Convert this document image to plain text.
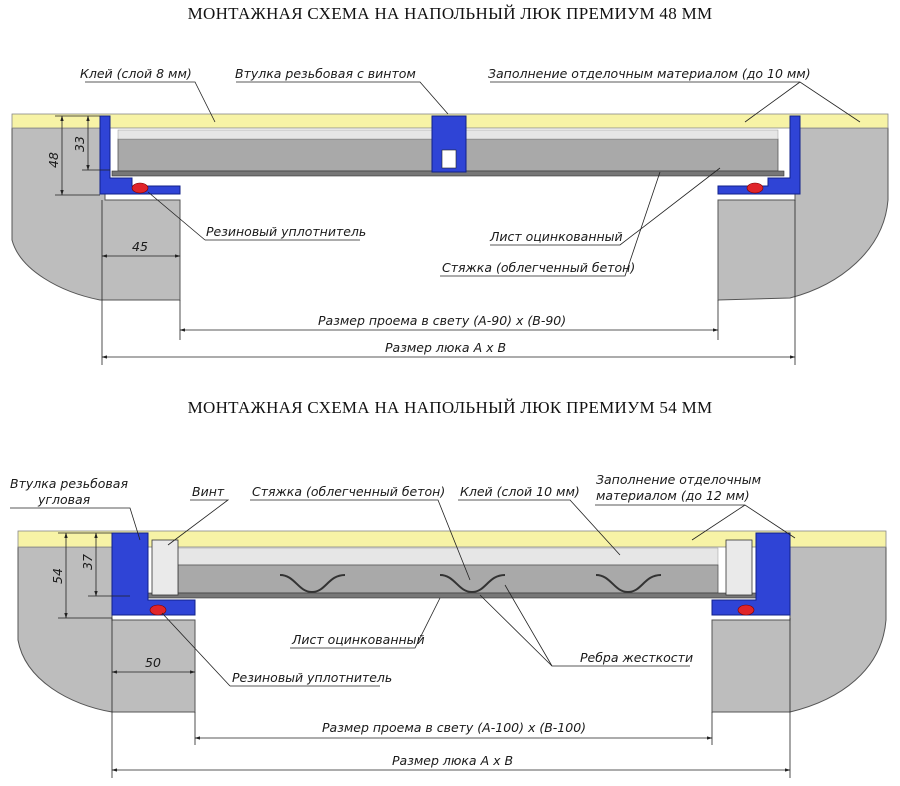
МОНТАЖНАЯ СХЕМА НА НАПОЛЬНЫЙ ЛЮК ПРЕМИУМ 48 ММ
МОНТАЖНАЯ СХЕМА НА НАПОЛЬНЫЙ ЛЮК ПРЕМИУМ 54 ММ
Клей (слой 8 мм)	Втулка резьбовая с винтом	Заполнение отделочным материалом (до 10 мм)
Резиновый уплотнитель	Лист оцинкованный
Стяжка (облегченный бетон)
48
33
45
Размер проема в свету (А-90) х (В-90)
Размер люка А х В
Втулка резьбовая
угловая
Винт Стяжка (облегченный бетон) Клей (слой 10 мм)
Заполнение отделочным
материалом (до 12 мм)
Лист оцинкованный
Ребра жесткости
Резиновый уплотнитель
54
37
50
Размер проема в свету (А-100) х (В-100)
Размер люка А х В
